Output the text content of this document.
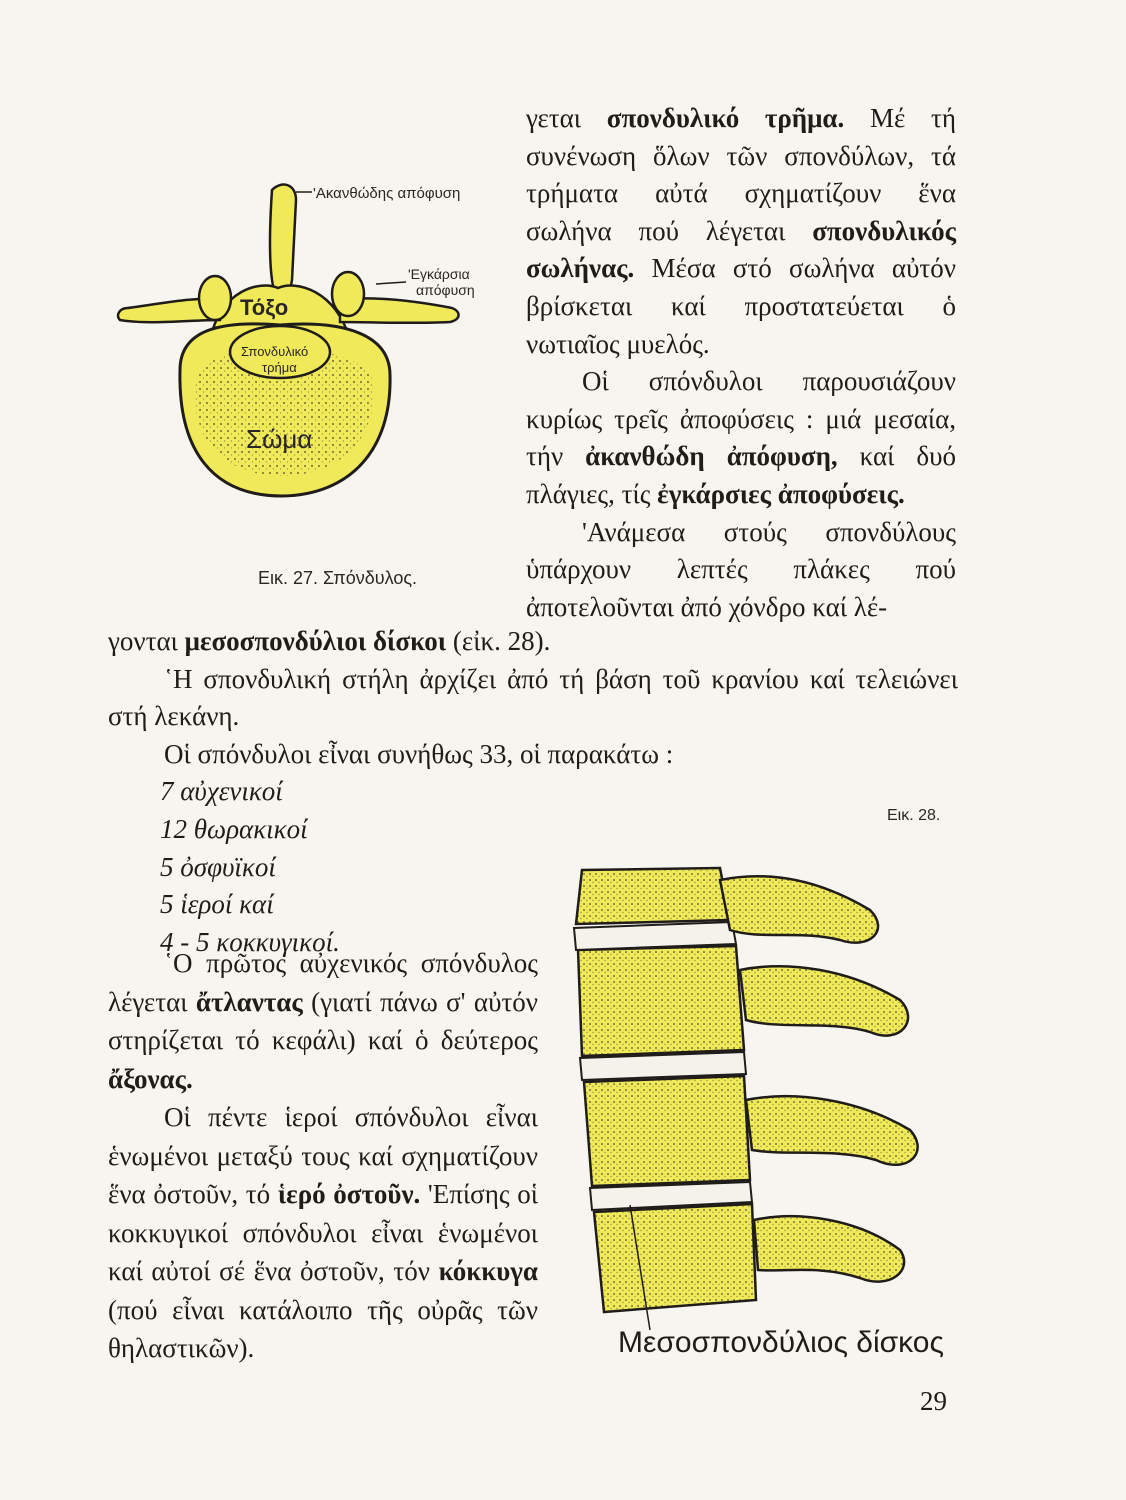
'Ακανθώδης απόφυση
'Εγκάρσια
απόφυση
Τόξο
Σπονδυλικό
τρήμα
Σώμα
Εικ. 27. Σπόνδυλος.

γεται σπονδυλικό τρῆμα. Μέ τή συνένωση ὅλων τῶν σπονδύλων, τά τρήματα αὐτά σχηματίζουν ἕνα σωλήνα πού λέγεται σπονδυλικός σωλήνας. Μέσα στό σωλήνα αὐτόν βρίσκεται καί προστατεύεται ὁ νωτιαῖος μυελός.

Οἱ σπόνδυλοι παρουσιάζουν κυρίως τρεῖς ἀποφύσεις : μιά μεσαία, τήν ἀκανθώδη ἀπόφυση, καί δυό πλάγιες, τίς ἐγκάρσιες ἀποφύσεις.

'Ανάμεσα στούς σπονδύλους ὑπάρχουν λεπτές πλάκες πού ἀποτελοῦνται ἀπό χόνδρο καί λέ-

γονται μεσοσπονδύλιοι δίσκοι (εἰκ. 28).

῾Η σπονδυλική στήλη ἀρχίζει ἀπό τή βάση τοῦ κρανίου καί τελειώνει στή λεκάνη.

Οἱ σπόνδυλοι εἶναι συνήθως 33, οἱ παρακάτω :

7 αὐχενικοί
12 θωρακικοί
5 ὀσφυϊκοί
5 ἱεροί καί
4 - 5 κοκκυγικοί.
Εικ. 28.

῾Ο πρῶτος αὐχενικός σπόνδυλος λέγεται ἄτλαντας (γιατί πάνω σ' αὐτόν στηρίζεται τό κεφάλι) καί ὁ δεύτερος ἄξονας.

Οἱ πέντε ἱεροί σπόνδυλοι εἶναι ἑνωμένοι μεταξύ τους καί σχηματίζουν ἕνα ὀστοῦν, τό ἱερό ὀστοῦν. 'Επίσης οἱ κοκκυγικοί σπόνδυλοι εἶναι ἑνωμένοι καί αὐτοί σέ ἕνα ὀστοῦν, τόν κόκκυγα (πού εἶναι κατάλοιπο τῆς οὐρᾶς τῶν θηλαστικῶν).	Μεσοσπονδύλιος δίσκος
29
